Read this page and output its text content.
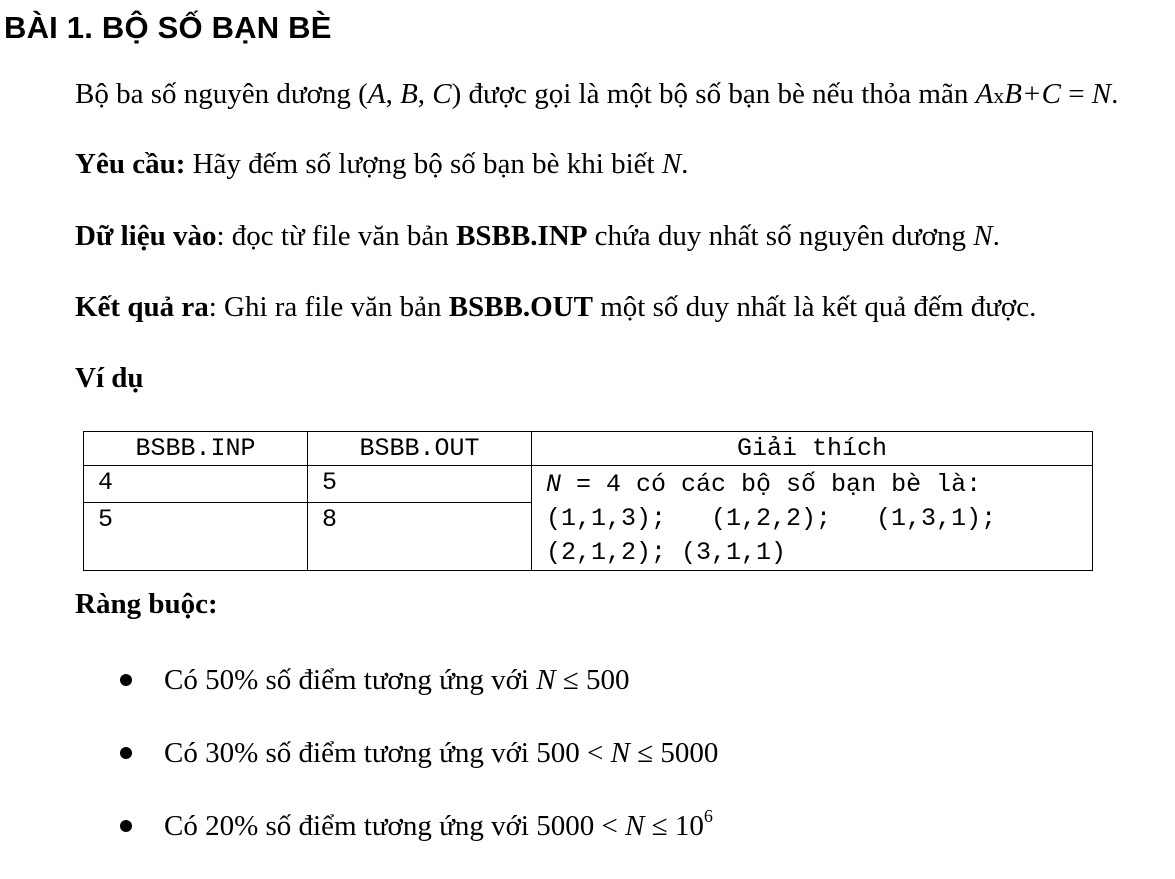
BÀI 1. BỘ SỐ BẠN BÈ

Bộ ba số nguyên dương (A, B, C) được gọi là một bộ số bạn bè nếu thỏa mãn AxB+C = N.

Yêu cầu: Hãy đếm số lượng bộ số bạn bè khi biết N.

Dữ liệu vào: đọc từ file văn bản BSBB.INP chứa duy nhất số nguyên dương N.

Kết quả ra: Ghi ra file văn bản BSBB.OUT một số duy nhất là kết quả đếm được.

Ví dụ

BSBB.INP	BSBB.OUT	Giải thích
4	5	N = 4 có các bộ số bạn bè là:
(1,1,3);   (1,2,2);   (1,3,1);
(2,1,2); (3,1,1)

5	8	

Ràng buộc:

Có 50% số điểm tương ứng với N ≤ 500
Có 30% số điểm tương ứng với 500 < N ≤ 5000
Có 20% số điểm tương ứng với $5000 < N \le 10^6$
